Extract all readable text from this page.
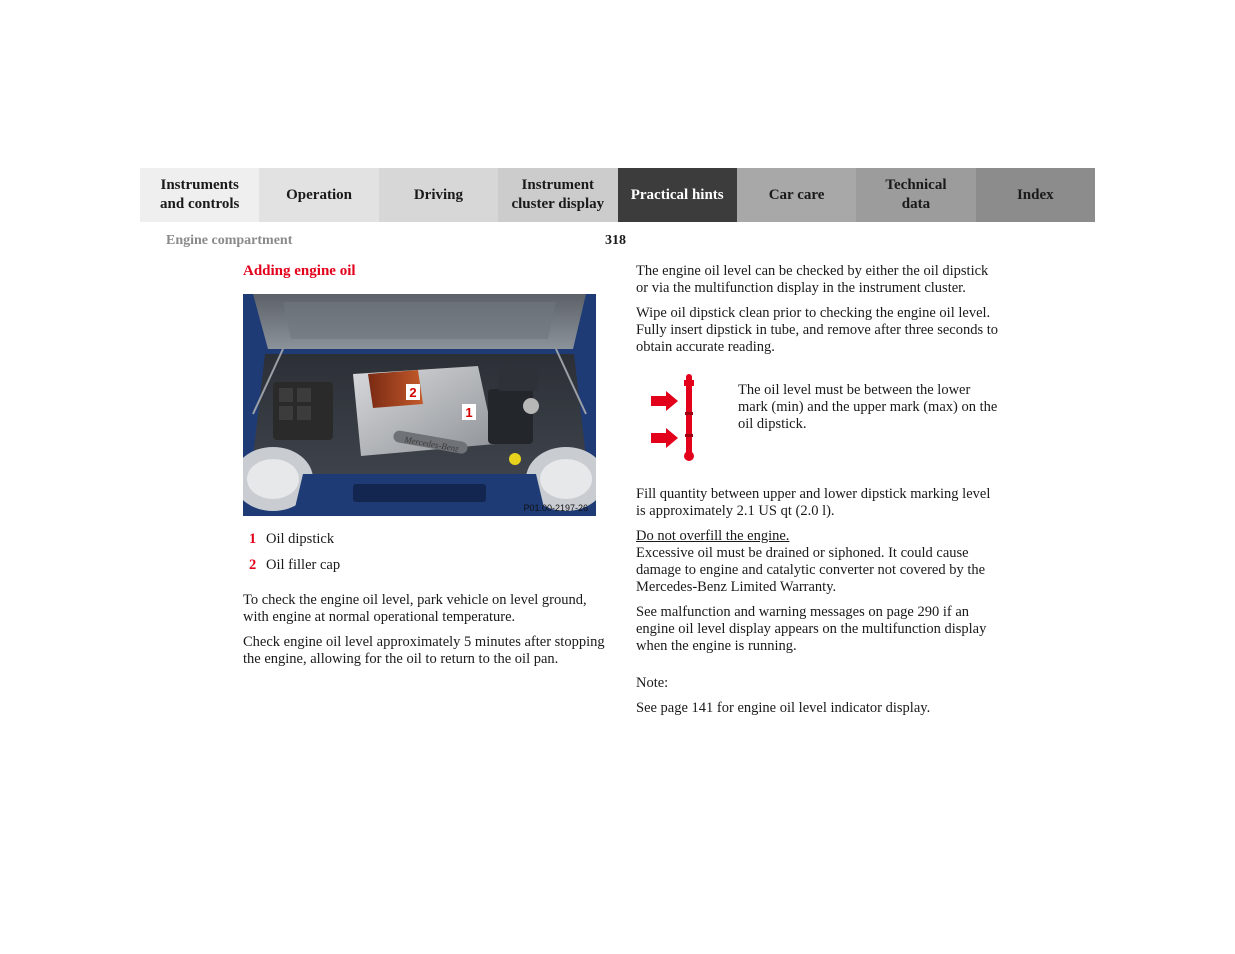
Instruments
and controls
Operation	Driving
Instrument
cluster display
Practical hints	Car care
Technical
data
Index
Engine compartment	318
Adding engine oil
1
2
Mercedes-Benz
P01.00-2197-26
1 Oil dipstick
2 Oil filler cap

To check the engine oil level, park vehicle on level ground, with engine at normal operational temperature.

Check engine oil level approximately 5 minutes after stopping the engine, allowing for the oil to return to the oil pan.

The engine oil level can be checked by either the oil dipstick or via the multifunction display in the instrument cluster.

Wipe oil dipstick clean prior to checking the engine oil level. Fully insert dipstick in tube, and remove after three seconds to obtain accurate reading.

The oil level must be between the lower mark (min) and the upper mark (max) on the oil dipstick.

Fill quantity between upper and lower dipstick marking level is approximately 2.1 US qt (2.0 l).

Do not overfill the engine.
Excessive oil must be drained or siphoned. It could cause damage to engine and catalytic converter not covered by the Mercedes-Benz Limited Warranty.

See malfunction and warning messages on page 290 if an engine oil level display appears on the multifunction display when the engine is running.

Note:

See page 141 for engine oil level indicator display.
